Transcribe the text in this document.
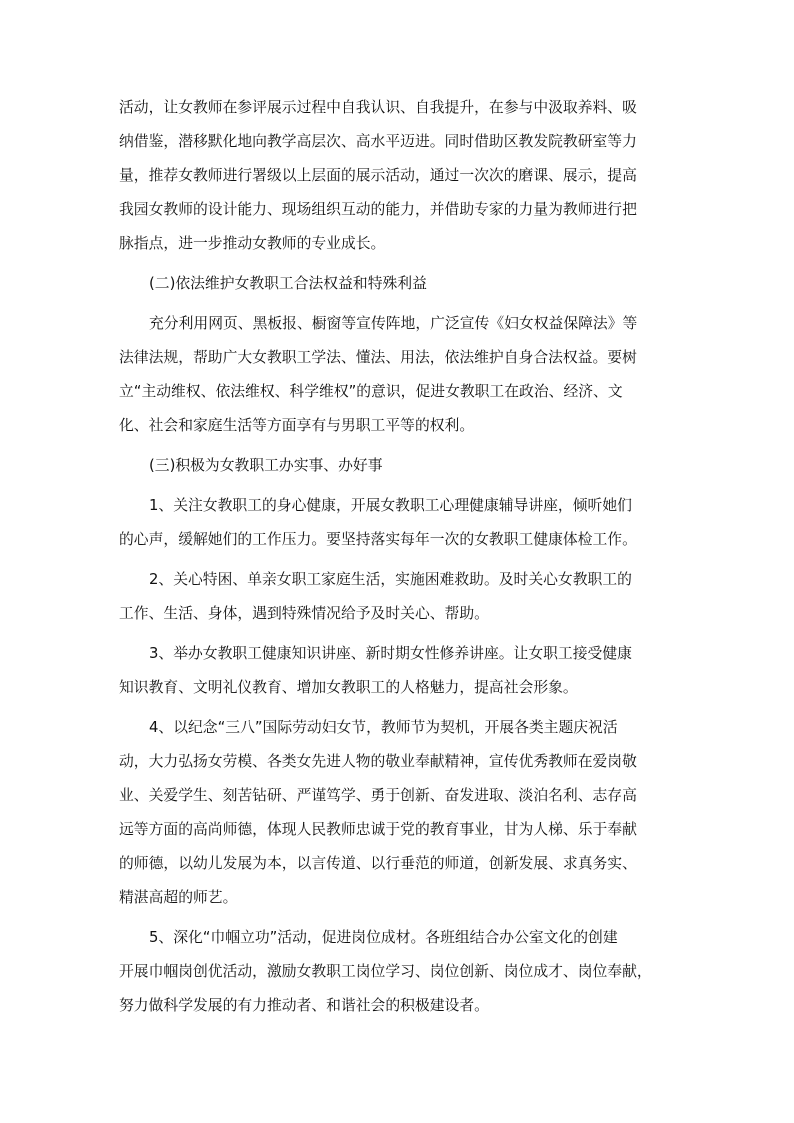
活动，让女教师在参评展示过程中自我认识、自我提升，在参与中汲取养料、吸
纳借鉴，潜移默化地向教学高层次、高水平迈进。同时借助区教发院教研室等力
量，推荐女教师进行署级以上层面的展示活动，通过一次次的磨课、展示，提高
我园女教师的设计能力、现场组织互动的能力，并借助专家的力量为教师进行把
脉指点，进一步推动女教师的专业成长。

(二)依法维护女教职工合法权益和特殊利益

充分利用网页、黑板报、橱窗等宣传阵地，广泛宣传《妇女权益保障法》等
法律法规，帮助广大女教职工学法、懂法、用法，依法维护自身合法权益。要树
立“主动维权、依法维权、科学维权”的意识，促进女教职工在政治、经济、文
化、社会和家庭生活等方面享有与男职工平等的权利。

(三)积极为女教职工办实事、办好事

1、关注女教职工的身心健康，开展女教职工心理健康辅导讲座，倾听她们
的心声，缓解她们的工作压力。要坚持落实每年一次的女教职工健康体检工作。

2、关心特困、单亲女职工家庭生活，实施困难救助。及时关心女教职工的
工作、生活、身体，遇到特殊情况给予及时关心、帮助。

3、举办女教职工健康知识讲座、新时期女性修养讲座。让女职工接受健康
知识教育、文明礼仪教育、增加女教职工的人格魅力，提高社会形象。

4、以纪念“三八”国际劳动妇女节，教师节为契机，开展各类主题庆祝活
动，大力弘扬女劳模、各类女先进人物的敬业奉献精神，宣传优秀教师在爱岗敬
业、关爱学生、刻苦钻研、严谨笃学、勇于创新、奋发进取、淡泊名利、志存高
远等方面的高尚师德，体现人民教师忠诚于党的教育事业，甘为人梯、乐于奉献
的师德，以幼儿发展为本，以言传道、以行垂范的师道，创新发展、求真务实、
精湛高超的师艺。

5、深化“巾帼立功”活动，促进岗位成材。各班组结合办公室文化的创建
开展巾帼岗创优活动，激励女教职工岗位学习、岗位创新、岗位成才、岗位奉献，
努力做科学发展的有力推动者、和谐社会的积极建设者。
